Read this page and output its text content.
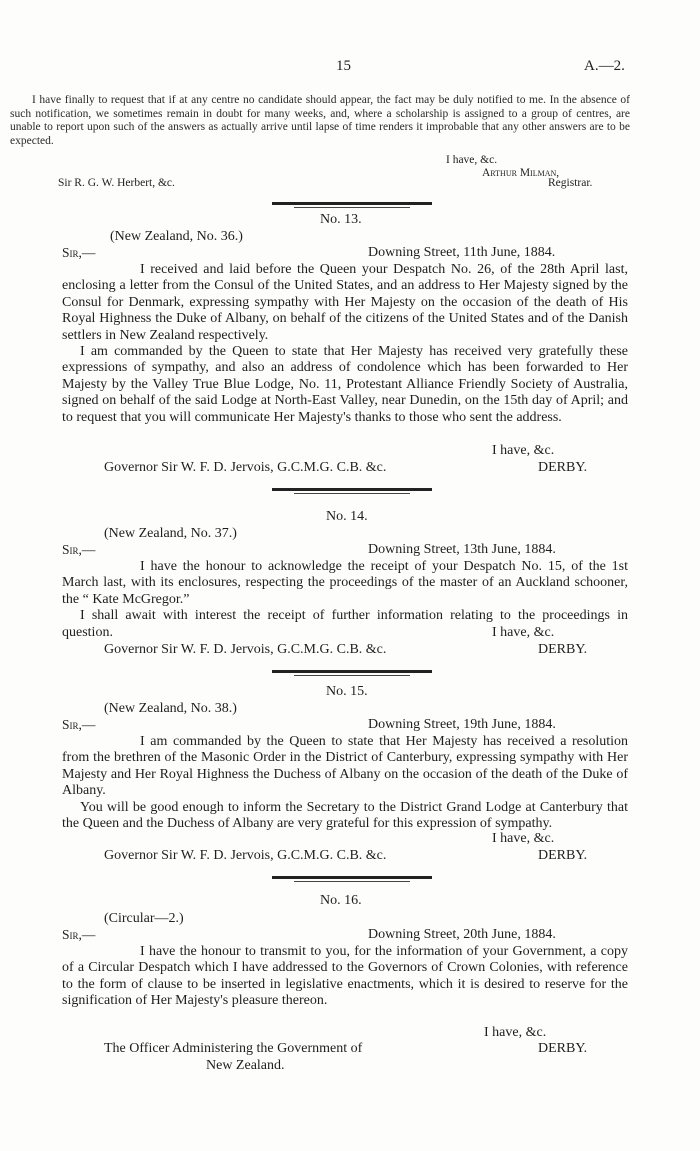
15	A.—2.

I have finally to request that if at any centre no candidate should appear, the fact may be duly notified to me. In the absence of such notification, we sometimes remain in doubt for many weeks, and, where a scholarship is assigned to a group of centres, are unable to report upon such of the answers as actually arrive until lapse of time renders it improbable that any other answers are to be expected.

I have, &c.
Arthur Milman,
Sir R. G. W. Herbert, &c.	Registrar.
No. 13.
(New Zealand, No. 36.)
Sir,—	Downing Street, 11th June, 1884.

I received and laid before the Queen your Despatch No. 26, of the 28th April last, enclosing a letter from the Consul of the United States, and an address to Her Majesty signed by the Consul for Denmark, expressing sympathy with Her Majesty on the occasion of the death of His Royal Highness the Duke of Albany, on behalf of the citizens of the United States and of the Danish settlers in New Zealand respectively.

I am commanded by the Queen to state that Her Majesty has received very gratefully these expressions of sympathy, and also an address of condolence which has been forwarded to Her Majesty by the Valley True Blue Lodge, No. 11, Protestant Alliance Friendly Society of Australia, signed on behalf of the said Lodge at North-East Valley, near Dunedin, on the 15th day of April; and to request that you will communicate Her Majesty's thanks to those who sent the address.

I have, &c.
Governor Sir W. F. D. Jervois, G.C.M.G. C.B. &c.	DERBY.
No. 14.
(New Zealand, No. 37.)
Sir,—	Downing Street, 13th June, 1884.

I have the honour to acknowledge the receipt of your Despatch No. 15, of the 1st March last, with its enclosures, respecting the proceedings of the master of an Auckland schooner, the “ Kate McGregor.”

I shall await with interest the receipt of further information relating to the proceedings in question.	I have, &c.
Governor Sir W. F. D. Jervois, G.C.M.G. C.B. &c.	DERBY.
No. 15.
(New Zealand, No. 38.)
Sir,—	Downing Street, 19th June, 1884.

I am commanded by the Queen to state that Her Majesty has received a resolution from the brethren of the Masonic Order in the District of Canterbury, expressing sympathy with Her Majesty and Her Royal Highness the Duchess of Albany on the occasion of the death of the Duke of Albany.

You will be good enough to inform the Secretary to the District Grand Lodge at Canterbury that the Queen and the Duchess of Albany are very grateful for this expression of sympathy.

I have, &c.
Governor Sir W. F. D. Jervois, G.C.M.G. C.B. &c.	DERBY.
No. 16.
(Circular—2.)
Sir,—	Downing Street, 20th June, 1884.

I have the honour to transmit to you, for the information of your Government, a copy of a Circular Despatch which I have addressed to the Governors of Crown Colonies, with reference to the form of clause to be inserted in legislative enactments, which it is desired to reserve for the signification of Her Majesty's pleasure thereon.

I have, &c.
The Officer Administering the Government of	DERBY.
New Zealand.
